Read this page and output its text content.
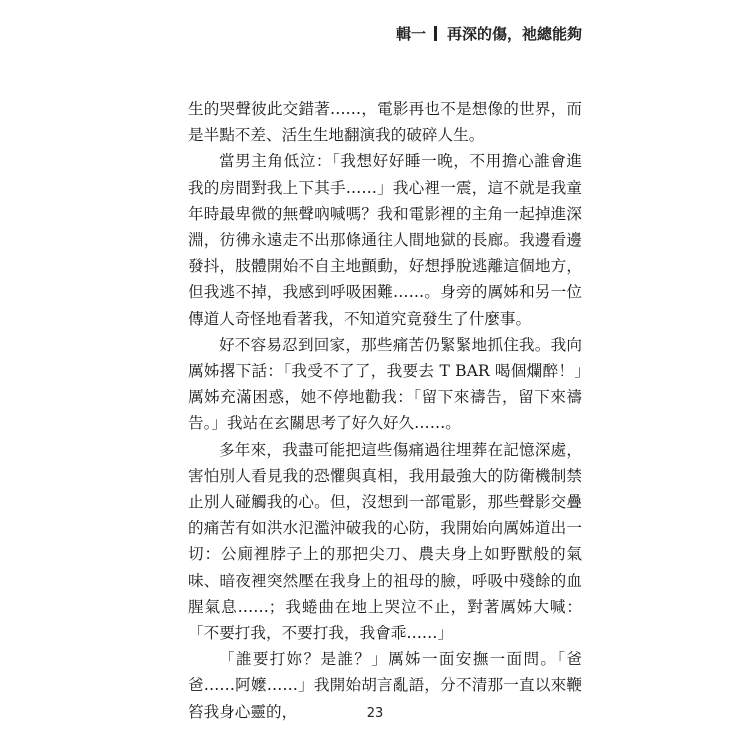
輯一 再深的傷，祂總能夠

生的哭聲彼此交錯著……，電影再也不是想像的世界，而是半點不差、活生生地翻演我的破碎人生。

當男主角低泣：「我想好好睡一晚，不用擔心誰會進我的房間對我上下其手……」我心裡一震，這不就是我童年時最卑微的無聲吶喊嗎？我和電影裡的主角一起掉進深淵，彷彿永遠走不出那條通往人間地獄的長廊。我邊看邊發抖，肢體開始不自主地顫動，好想掙脫逃離這個地方，但我逃不掉，我感到呼吸困難……。身旁的厲姊和另一位傳道人奇怪地看著我，不知道究竟發生了什麼事。

好不容易忍到回家，那些痛苦仍緊緊地抓住我。我向厲姊撂下話：「我受不了了，我要去 T BAR 喝個爛醉！」厲姊充滿困惑，她不停地勸我：「留下來禱告，留下來禱告。」我站在玄關思考了好久好久……。

多年來，我盡可能把這些傷痛過往埋葬在記憶深處，害怕別人看見我的恐懼與真相，我用最強大的防衛機制禁止別人碰觸我的心。但，沒想到一部電影，那些聲影交疊的痛苦有如洪水氾濫沖破我的心防，我開始向厲姊道出一切：公廁裡脖子上的那把尖刀、農夫身上如野獸般的氣味、暗夜裡突然壓在我身上的祖母的臉，呼吸中殘餘的血腥氣息……；我蜷曲在地上哭泣不止，對著厲姊大喊：「不要打我，不要打我，我會乖……」

「誰要打妳？是誰？」厲姊一面安撫一面問。「爸爸……阿嬤……」我開始胡言亂語，分不清那一直以來鞭笞我身心靈的，	23
